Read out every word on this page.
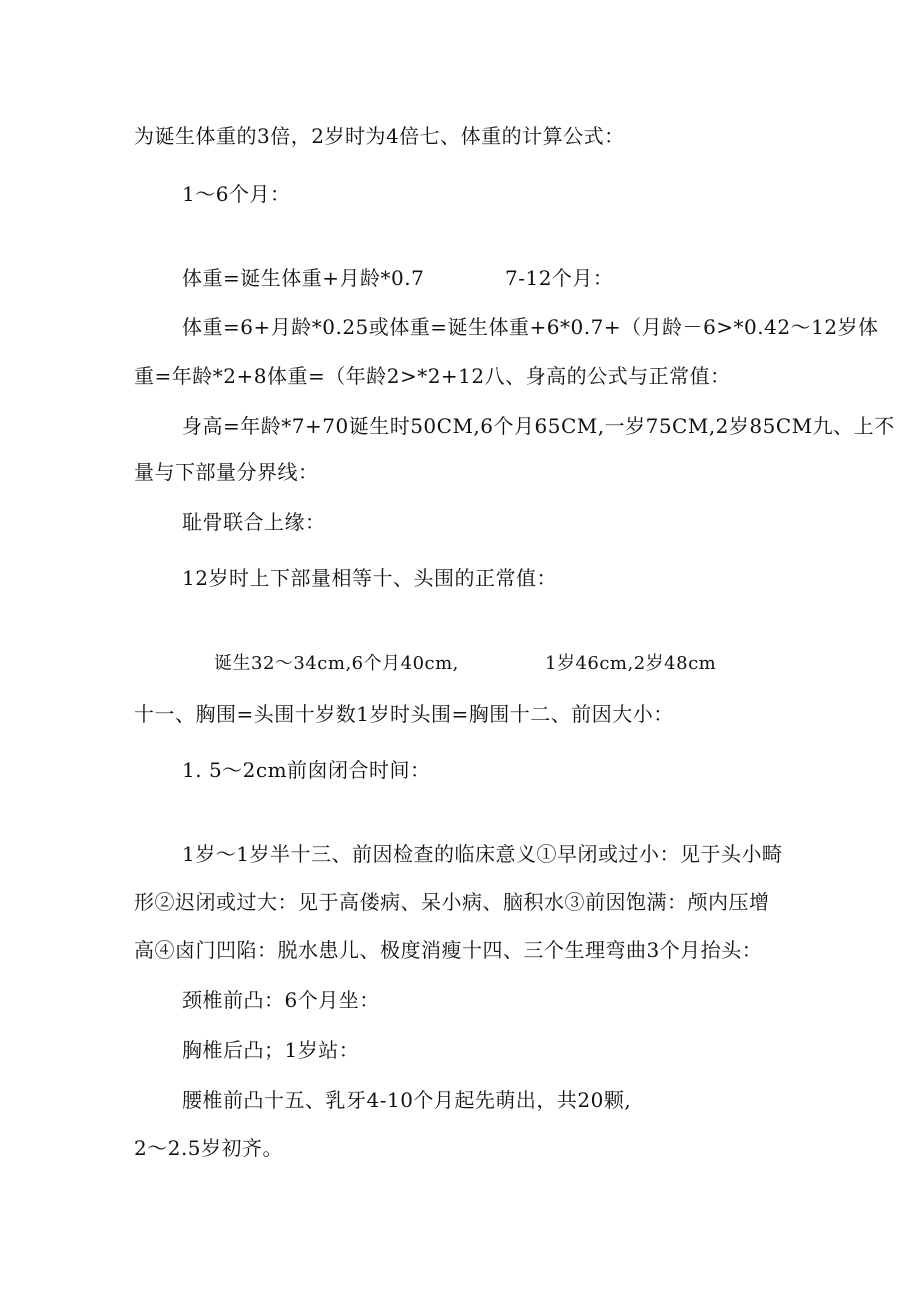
为诞生体重的3倍，2岁时为4倍七、体重的计算公式：
1～6个月：
体重=诞生体重+月龄*0.7	7-12个月：
体重=6+月龄*0.25或体重=诞生体重+6*0.7+（月龄－6>*0.42～12岁体
重=年龄*2+8体重=（年龄2>*2+12八、身高的公式与正常值：
身高=年龄*7+70诞生时50CM,6个月65CM,一岁75CM,2岁85CM九、上不
量与下部量分界线：
耻骨联合上缘：
12岁时上下部量相等十、头围的正常值：
诞生32～34cm,6个月40cm,	1岁46cm,2岁48cm
十一、胸围=头围十岁数1岁时头围=胸围十二、前因大小：
1. 5～2cm前囱闭合时间：
1岁～1岁半十三、前因检查的临床意义①早闭或过小：见于头小畸
形②迟闭或过大：见于高偻病、呆小病、脑积水③前因饱满：颅内压增
高④卤门凹陷：脱水患儿、极度消瘦十四、三个生理弯曲3个月抬头：
颈椎前凸：6个月坐：
胸椎后凸；1岁站：
腰椎前凸十五、乳牙4-10个月起先萌出，共20颗,
2～2.5岁初齐。
